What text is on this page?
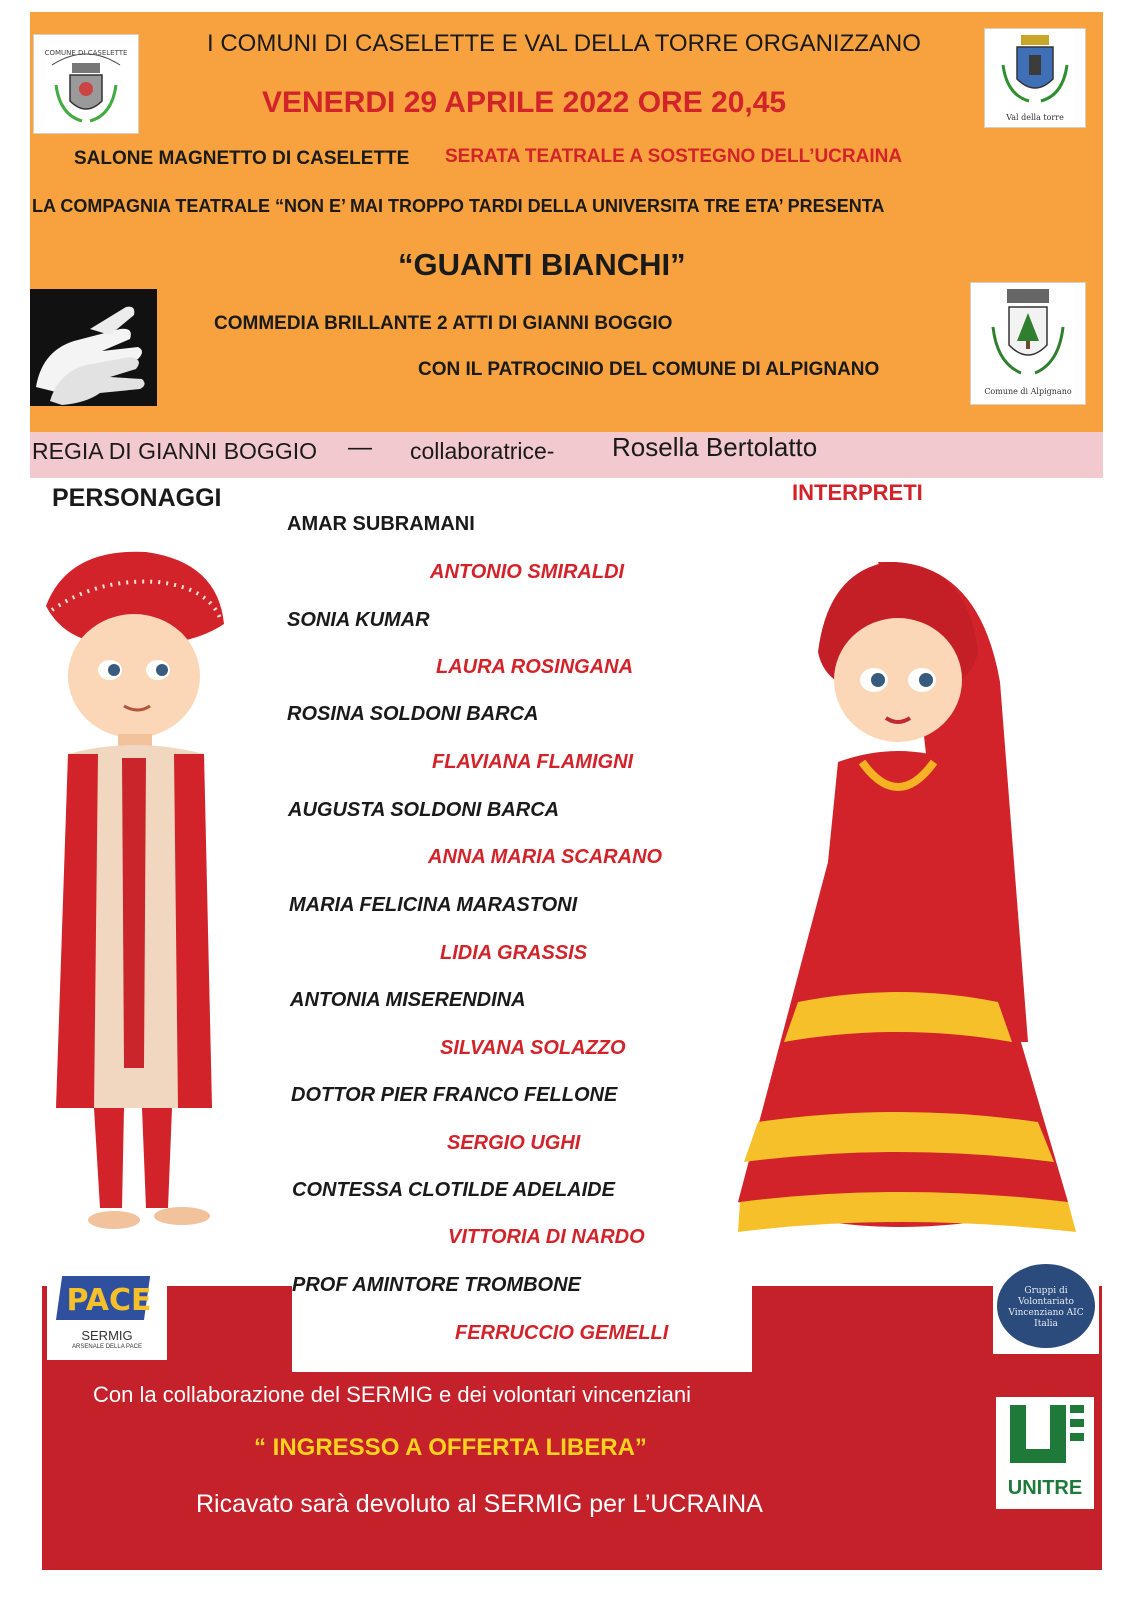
COMUNE DI CASELETTE
Val della torre
Comune di Alpignano
I COMUNI DI CASELETTE E VAL DELLA TORRE ORGANIZZANO
VENERDI 29 APRILE 2022 ORE 20,45
SALONE MAGNETTO DI CASELETTE SERATA TEATRALE A SOSTEGNO DELL’UCRAINA
LA COMPAGNIA TEATRALE “NON E’ MAI TROPPO TARDI DELLA UNIVERSITA TRE ETA’ PRESENTA
“GUANTI BIANCHI”
COMMEDIA BRILLANTE 2 ATTI DI GIANNI BOGGIO
CON IL PATROCINIO DEL COMUNE DI ALPIGNANO
REGIA DI GIANNI BOGGIO — collaboratrice- Rosella Bertolatto
PERSONAGGI	INTERPRETI
AMAR SUBRAMANI
ANTONIO SMIRALDI
SONIA KUMAR
LAURA ROSINGANA
ROSINA SOLDONI BARCA
FLAVIANA FLAMIGNI
AUGUSTA SOLDONI BARCA
ANNA MARIA SCARANO
MARIA FELICINA MARASTONI
LIDIA GRASSIS
ANTONIA MISERENDINA
SILVANA SOLAZZO
DOTTOR PIER FRANCO FELLONE
SERGIO UGHI
CONTESSA CLOTILDE ADELAIDE
VITTORIA DI NARDO
PROF AMINTORE TROMBONE
FERRUCCIO GEMELLI
PACE
SERMIG
ARSENALE DELLA PACE
Gruppi di Volontariato Vincenziano AIC Italia
UNITRE
Con la collaborazione del SERMIG e dei volontari vincenziani
“ INGRESSO A OFFERTA LIBERA”
Ricavato sarà devoluto al SERMIG per L’UCRAINA
